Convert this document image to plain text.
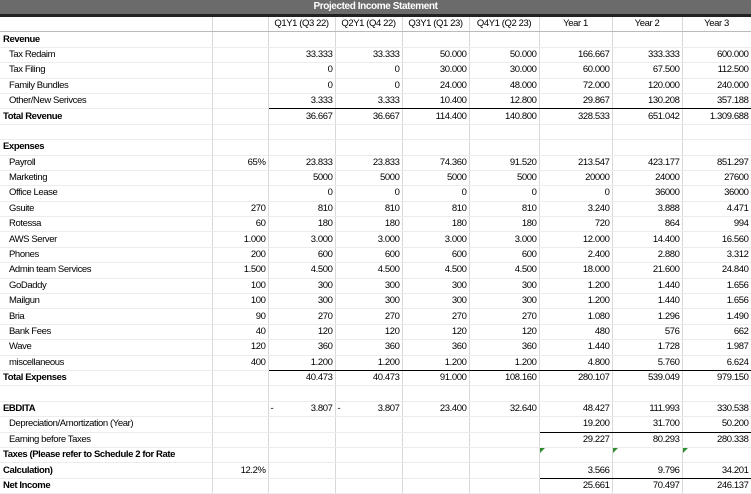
Projected Income Statement
		Q1Y1 (Q3 22)	Q2Y1 (Q4 22)	Q3Y1 (Q1 23)	Q4Y1 (Q2 23)	Year 1	Year 2	Year 3
Revenue								
Tax Redaim		33.333	33.333	50.000	50.000	166.667	333.333	600.000
Tax Filing		0	0	30.000	30.000	60.000	67.500	112.500
Family Bundles		0	0	24.000	48.000	72.000	120.000	240.000
Other/New Serivces		3.333	3.333	10.400	12.800	29.867	130.208	357.188
Total Revenue		36.667	36.667	114.400	140.800	328.533	651.042	1.309.688

Expenses								
Payroll	65%	23.833	23.833	74.360	91.520	213.547	423.177	851.297
Marketing		5000	5000	5000	5000	20000	24000	27600
Office Lease		0	0	0	0	0	36000	36000
Gsuite	270	810	810	810	810	3.240	3.888	4.471
Rotessa	60	180	180	180	180	720	864	994
AWS Server	1.000	3.000	3.000	3.000	3.000	12.000	14.400	16.560
Phones	200	600	600	600	600	2.400	2.880	3.312
Admin team Services	1.500	4.500	4.500	4.500	4.500	18.000	21.600	24.840
GoDaddy	100	300	300	300	300	1.200	1.440	1.656
Mailgun	100	300	300	300	300	1.200	1.440	1.656
Bria	90	270	270	270	270	1.080	1.296	1.490
Bank Fees	40	120	120	120	120	480	576	662
Wave	120	360	360	360	360	1.440	1.728	1.987
miscellaneous	400	1.200	1.200	1.200	1.200	4.800	5.760	6.624
Total Expenses		40.473	40.473	91.000	108.160	280.107	539.049	979.150

EBDITA		- 3.807	- 3.807	23.400	32.640	48.427	111.993	330.538
Depreciation/Amortization (Year)						19.200	31.700	50.200
Earning before Taxes						29.227	80.293	280.338
Taxes (Please refer to Schedule 2 for Rate								
Calculation)	12.2%					3.566	9.796	34.201
Net Income						25.661	70.497	246.137
